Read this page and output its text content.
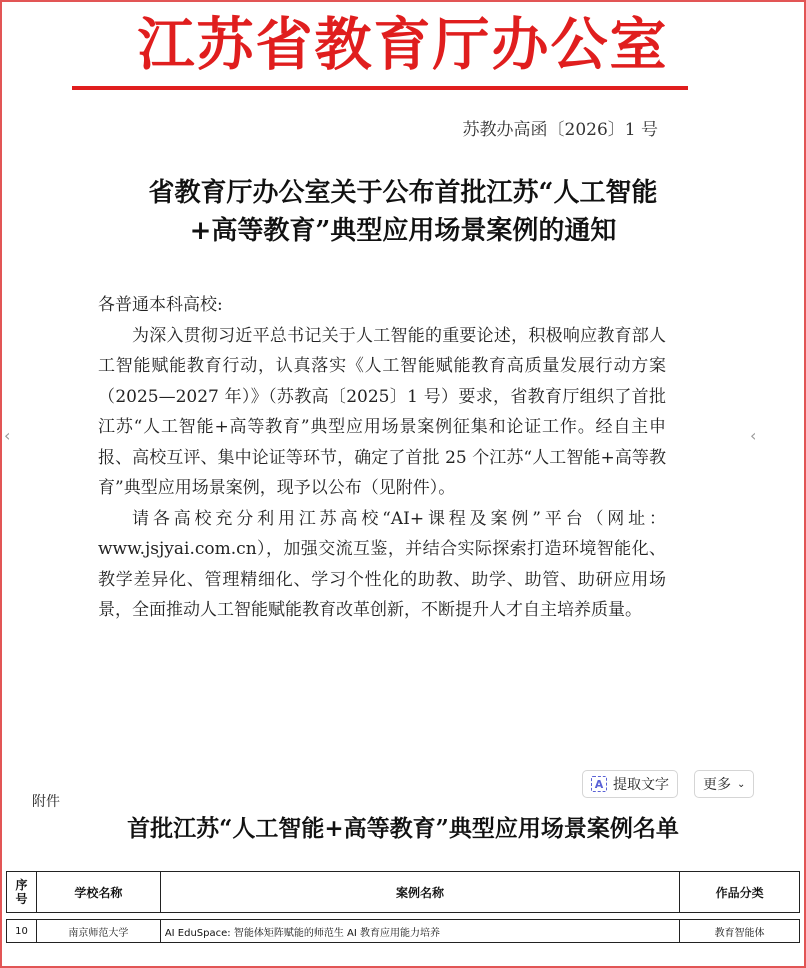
江苏省教育厅办公室
苏教办高函〔2026〕1 号
省教育厅办公室关于公布首批江苏“人工智能
+高等教育”典型应用场景案例的通知

各普通本科高校:

为深入贯彻习近平总书记关于人工智能的重要论述，积极响应教育部人工智能赋能教育行动，认真落实《人工智能赋能教育高质量发展行动方案（2025—2027 年）》（苏教高〔2025〕1 号）要求，省教育厅组织了首批江苏“人工智能+高等教育”典型应用场景案例征集和论证工作。经自主申报、高校互评、集中论证等环节，确定了首批 25 个江苏“人工智能+高等教育”典型应用场景案例，现予以公布（见附件）。

请各高校充分利用江苏高校“AI+课程及案例”平台（网址：www.jsjyai.com.cn），加强交流互鉴，并结合实际探索打造环境智能化、教学差异化、管理精细化、学习个性化的助教、助学、助管、助研应用场景，全面推动人工智能赋能教育改革创新，不断提升人才自主培养质量。

‹	‹
A 提取文字 更多 ⌄
附件
首批江苏“人工智能+高等教育”典型应用场景案例名单
序号	学校名称	案例名称	作品分类

10	南京师范大学	AI EduSpace: 智能体矩阵赋能的师范生 AI 教育应用能力培养	教育智能体
